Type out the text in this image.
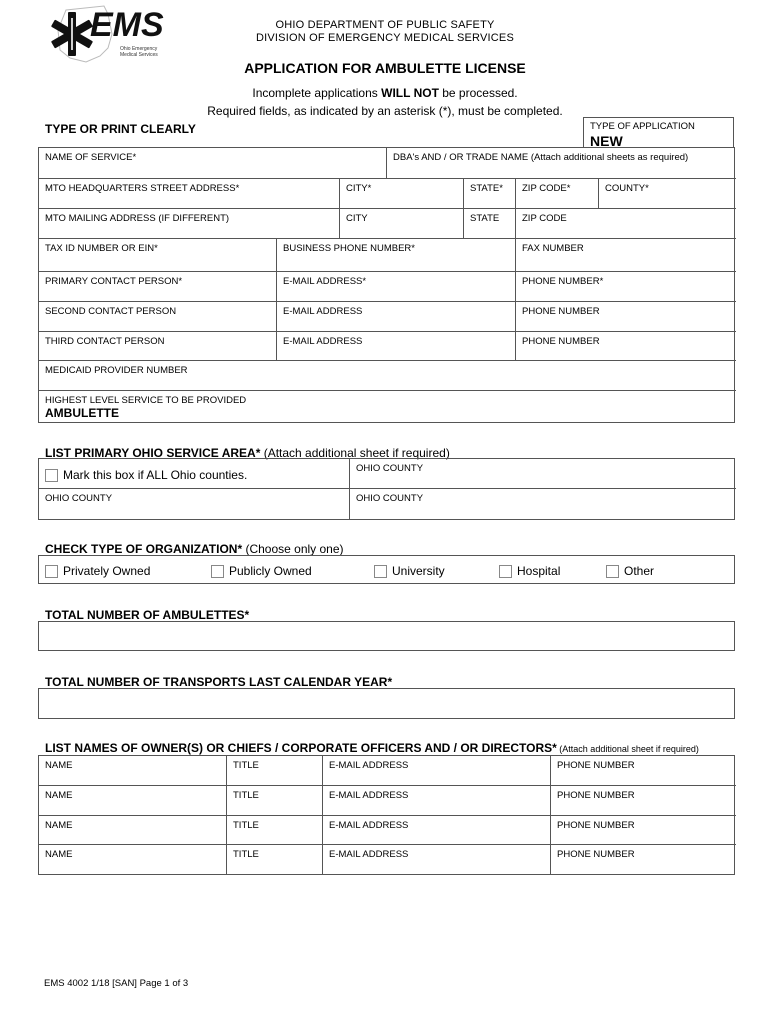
EMS
Ohio Emergency
Medical Services
OHIO DEPARTMENT OF PUBLIC SAFETY
DIVISION OF EMERGENCY MEDICAL SERVICES
APPLICATION FOR AMBULETTE LICENSE
Incomplete applications WILL NOT be processed.
Required fields, as indicated by an asterisk (*), must be completed.
TYPE OR PRINT CLEARLY	TYPE OF APPLICATION
NEW
NAME OF SERVICE*	DBA's AND / OR TRADE NAME (Attach additional sheets as required)
MTO HEADQUARTERS STREET ADDRESS*	CITY*	STATE* ZIP CODE*	COUNTY*
MTO MAILING ADDRESS (IF DIFFERENT)	CITY	STATE ZIP CODE
TAX ID NUMBER OR EIN*	BUSINESS PHONE NUMBER*	FAX NUMBER
PRIMARY CONTACT PERSON*	E-MAIL ADDRESS*	PHONE NUMBER*
SECOND CONTACT PERSON	E-MAIL ADDRESS	PHONE NUMBER
THIRD CONTACT PERSON	E-MAIL ADDRESS	PHONE NUMBER
MEDICAID PROVIDER NUMBER
HIGHEST LEVEL SERVICE TO BE PROVIDED
AMBULETTE
LIST PRIMARY OHIO SERVICE AREA* (Attach additional sheet if required)
Mark this box if ALL Ohio counties.	OHIO COUNTY
OHIO COUNTY	OHIO COUNTY
CHECK TYPE OF ORGANIZATION* (Choose only one)
Privately Owned	Publicly Owned	University	Hospital	Other
TOTAL NUMBER OF AMBULETTES*
TOTAL NUMBER OF TRANSPORTS LAST CALENDAR YEAR*
LIST NAMES OF OWNER(S) OR CHIEFS / CORPORATE OFFICERS AND / OR DIRECTORS* (Attach additional sheet if required)
NAME	TITLE	E-MAIL ADDRESS	PHONE NUMBER
NAME	TITLE	E-MAIL ADDRESS	PHONE NUMBER
NAME	TITLE	E-MAIL ADDRESS	PHONE NUMBER
NAME	TITLE	E-MAIL ADDRESS	PHONE NUMBER
EMS 4002 1/18 [SAN] Page 1 of 3
